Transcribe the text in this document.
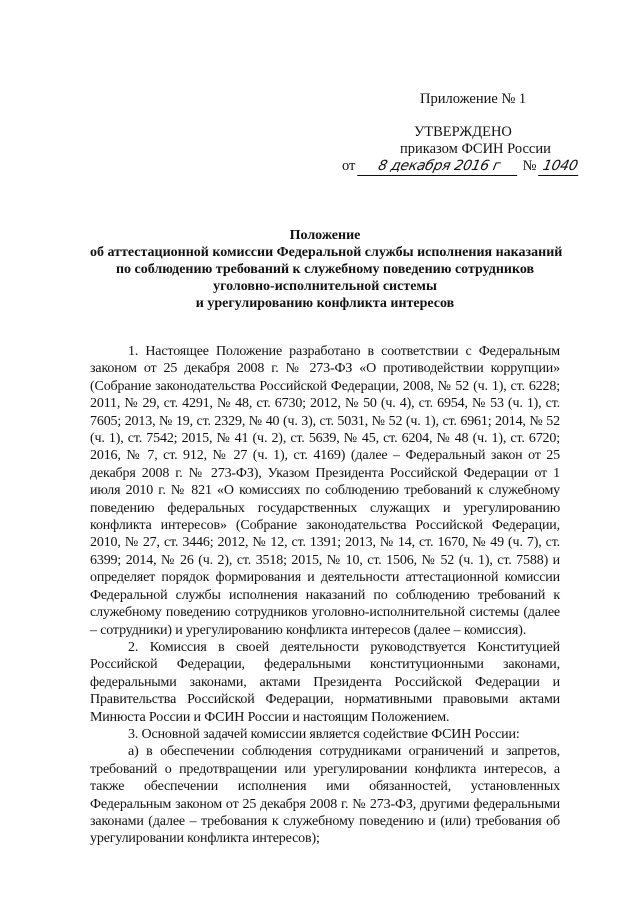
Приложение № 1
УТВЕРЖДЕНО
приказом ФСИН России
от 8 декабря 2016 г № 1040
Положение
об аттестационной комиссии Федеральной службы исполнения наказаний
по соблюдению требований к служебному поведению сотрудников
уголовно-исполнительной системы
и урегулированию конфликта интересов

1. Настоящее Положение разработано в соответствии с Федеральным законом от 25 декабря 2008 г. № 273-ФЗ «О противодействии коррупции» (Собрание законодательства Российской Федерации, 2008, № 52 (ч. 1), ст. 6228; 2011, № 29, ст. 4291, № 48, ст. 6730; 2012, № 50 (ч. 4), ст. 6954, № 53 (ч. 1), ст. 7605; 2013, № 19, ст. 2329, № 40 (ч. 3), ст. 5031, № 52 (ч. 1), ст. 6961; 2014, № 52 (ч. 1), ст. 7542; 2015, № 41 (ч. 2), ст. 5639, № 45, ст. 6204, № 48 (ч. 1), ст. 6720; 2016, № 7, ст. 912, № 27 (ч. 1), ст. 4169) (далее – Федеральный закон от 25 декабря 2008 г. № 273-ФЗ), Указом Президента Российской Федерации от 1 июля 2010 г. № 821 «О комиссиях по соблюдению требований к служебному поведению федеральных государственных служащих и урегулированию конфликта интересов» (Собрание законодательства Российской Федерации, 2010, № 27, ст. 3446; 2012, № 12, ст. 1391; 2013, № 14, ст. 1670, № 49 (ч. 7), ст. 6399; 2014, № 26 (ч. 2), ст. 3518; 2015, № 10, ст. 1506, № 52 (ч. 1), ст. 7588) и определяет порядок формирования и деятельности аттестационной комиссии Федеральной службы исполнения наказаний по соблюдению требований к служебному поведению сотрудников уголовно-исполнительной системы (далее – сотрудники) и урегулированию конфликта интересов (далее – комиссия).

2. Комиссия в своей деятельности руководствуется Конституцией Российской Федерации, федеральными конституционными законами, федеральными законами, актами Президента Российской Федерации и Правительства Российской Федерации, нормативными правовыми актами Минюста России и ФСИН России и настоящим Положением.

3. Основной задачей комиссии является содействие ФСИН России:

а) в обеспечении соблюдения сотрудниками ограничений и запретов, требований о предотвращении или урегулировании конфликта интересов, а также обеспечении исполнения ими обязанностей, установленных Федеральным законом от 25 декабря 2008 г. № 273-ФЗ, другими федеральными законами (далее – требования к служебному поведению и (или) требования об урегулировании конфликта интересов);
